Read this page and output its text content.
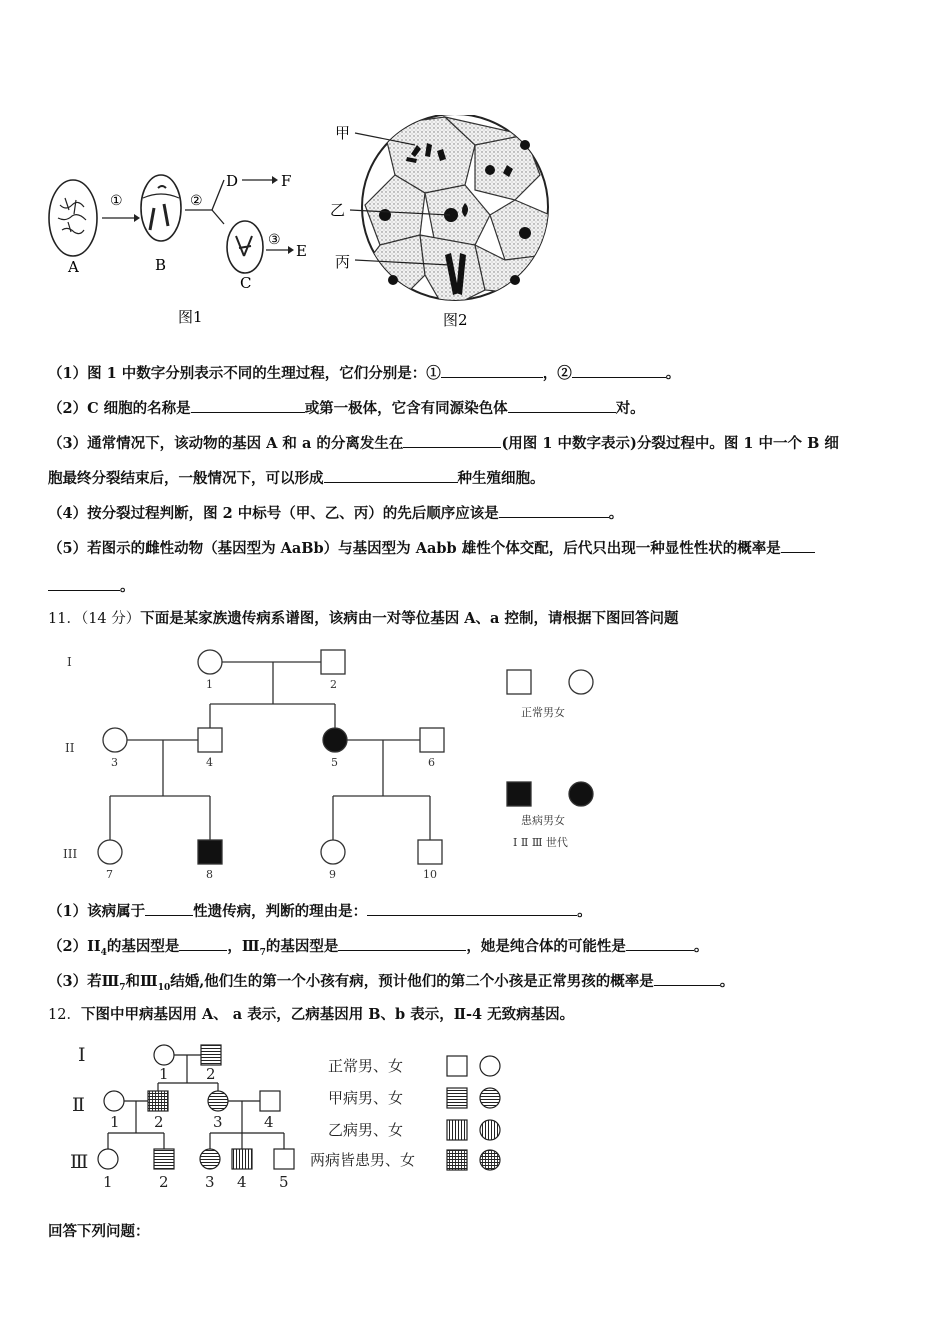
①	②
D	F
③
E
A	B
C
图1
甲
乙
丙
图2
（1）图 1 中数字分别表示不同的生理过程，它们分别是：①	，②	。
（2）C 细胞的名称是	或第一极体，它含有同源染色体	对。
（3）通常情况下，该动物的基因 A 和 a 的分离发生在	(用图 1 中数字表示)分裂过程中。图 1 中一个 B 细
胞最终分裂结束后，一般情况下，可以形成	种生殖细胞。
（4）按分裂过程判断，图 2 中标号（甲、乙、丙）的先后顺序应该是	。
（5）若图示的雌性动物（基因型为 AaBb）与基因型为 Aabb 雄性个体交配，后代只出现一种显性性状的概率是
。
11．（14 分）下面是某家族遗传病系谱图，该病由一对等位基因 A、a 控制，请根据下图回答问题
I
II
III
1	2
3	4	5	6
7	8	9	10
正常男女
患病男女
Ⅰ Ⅱ Ⅲ 世代
（1）该病属于	性遗传病，判断的理由是：	。
$(2)II_4$的基因型是	，$Ⅲ_7$的基因型是	，她是纯合体的可能性是	。
（3）若$Ⅲ_7$和$Ⅲ_{10}$结婚,他们生的第一个小孩有病，预计他们的第二个小孩是正常男孩的概率是	。
12．下图中甲病基因用 A、 a 表示，乙病基因用 B、b 表示，Ⅱ-4 无致病基因。
Ⅰ
Ⅱ
Ⅲ
1 2
1 2	3	4
1	2 3 4 5
正常男、女
甲病男、女
乙病男、女
两病皆患男、女
回答下列问题：
